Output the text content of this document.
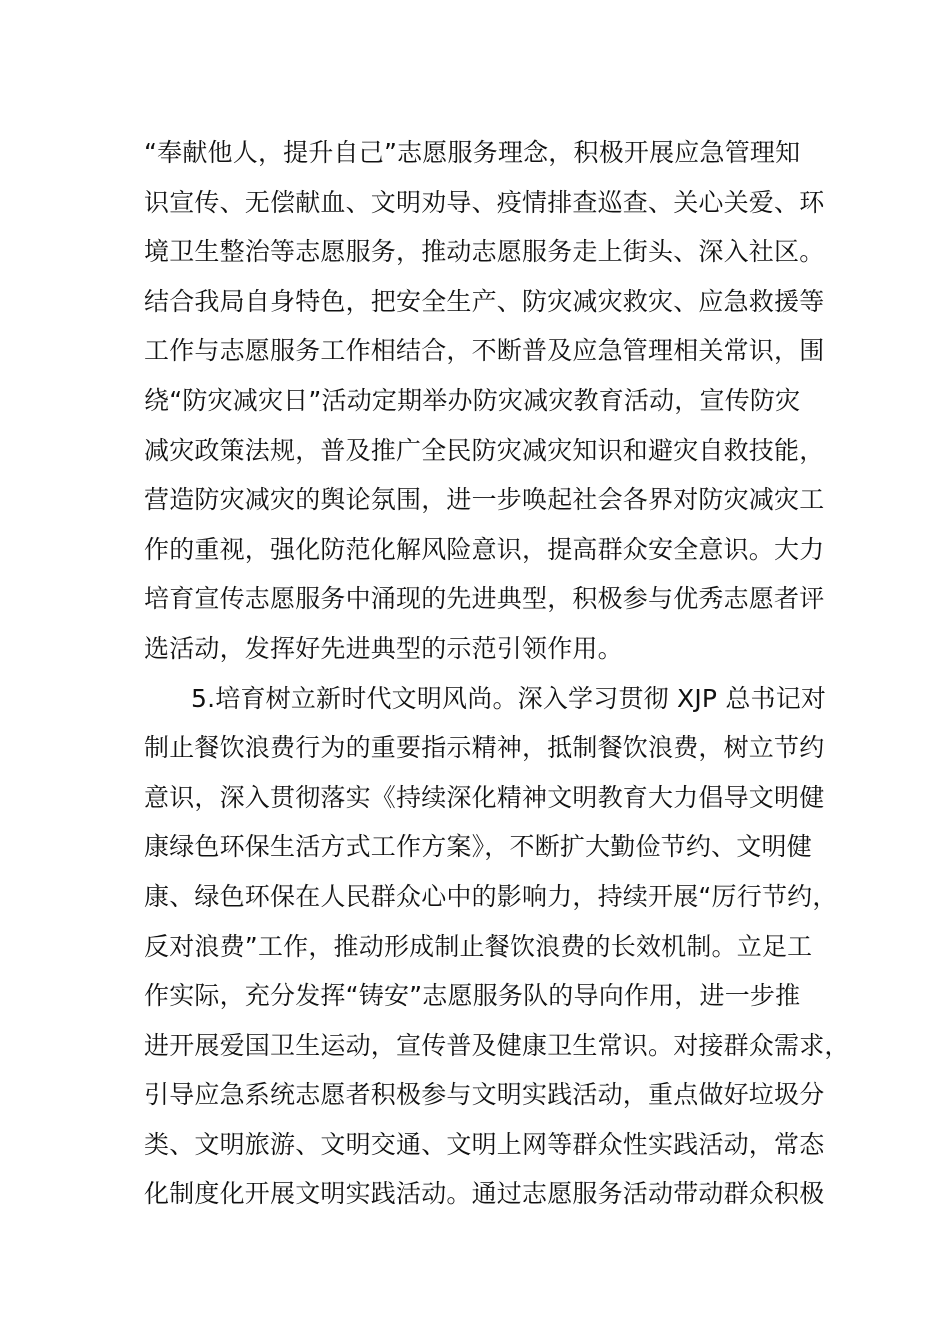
“奉献他人，提升自己”志愿服务理念，积极开展应急管理知
识宣传、无偿献血、文明劝导、疫情排查巡查、关心关爱、环
境卫生整治等志愿服务，推动志愿服务走上街头、深入社区。
结合我局自身特色，把安全生产、防灾减灾救灾、应急救援等
工作与志愿服务工作相结合，不断普及应急管理相关常识，围
绕“防灾减灾日”活动定期举办防灾减灾教育活动，宣传防灾
减灾政策法规，普及推广全民防灾减灾知识和避灾自救技能，
营造防灾减灾的舆论氛围，进一步唤起社会各界对防灾减灾工
作的重视，强化防范化解风险意识，提高群众安全意识。大力
培育宣传志愿服务中涌现的先进典型，积极参与优秀志愿者评
选活动，发挥好先进典型的示范引领作用。
5.培育树立新时代文明风尚。深入学习贯彻 XJP 总书记对
制止餐饮浪费行为的重要指示精神，抵制餐饮浪费，树立节约
意识，深入贯彻落实《持续深化精神文明教育大力倡导文明健
康绿色环保生活方式工作方案》，不断扩大勤俭节约、文明健
康、绿色环保在人民群众心中的影响力，持续开展“厉行节约，
反对浪费”工作，推动形成制止餐饮浪费的长效机制。立足工
作实际，充分发挥“铸安”志愿服务队的导向作用，进一步推
进开展爱国卫生运动，宣传普及健康卫生常识。对接群众需求，
引导应急系统志愿者积极参与文明实践活动，重点做好垃圾分
类、文明旅游、文明交通、文明上网等群众性实践活动，常态
化制度化开展文明实践活动。通过志愿服务活动带动群众积极
